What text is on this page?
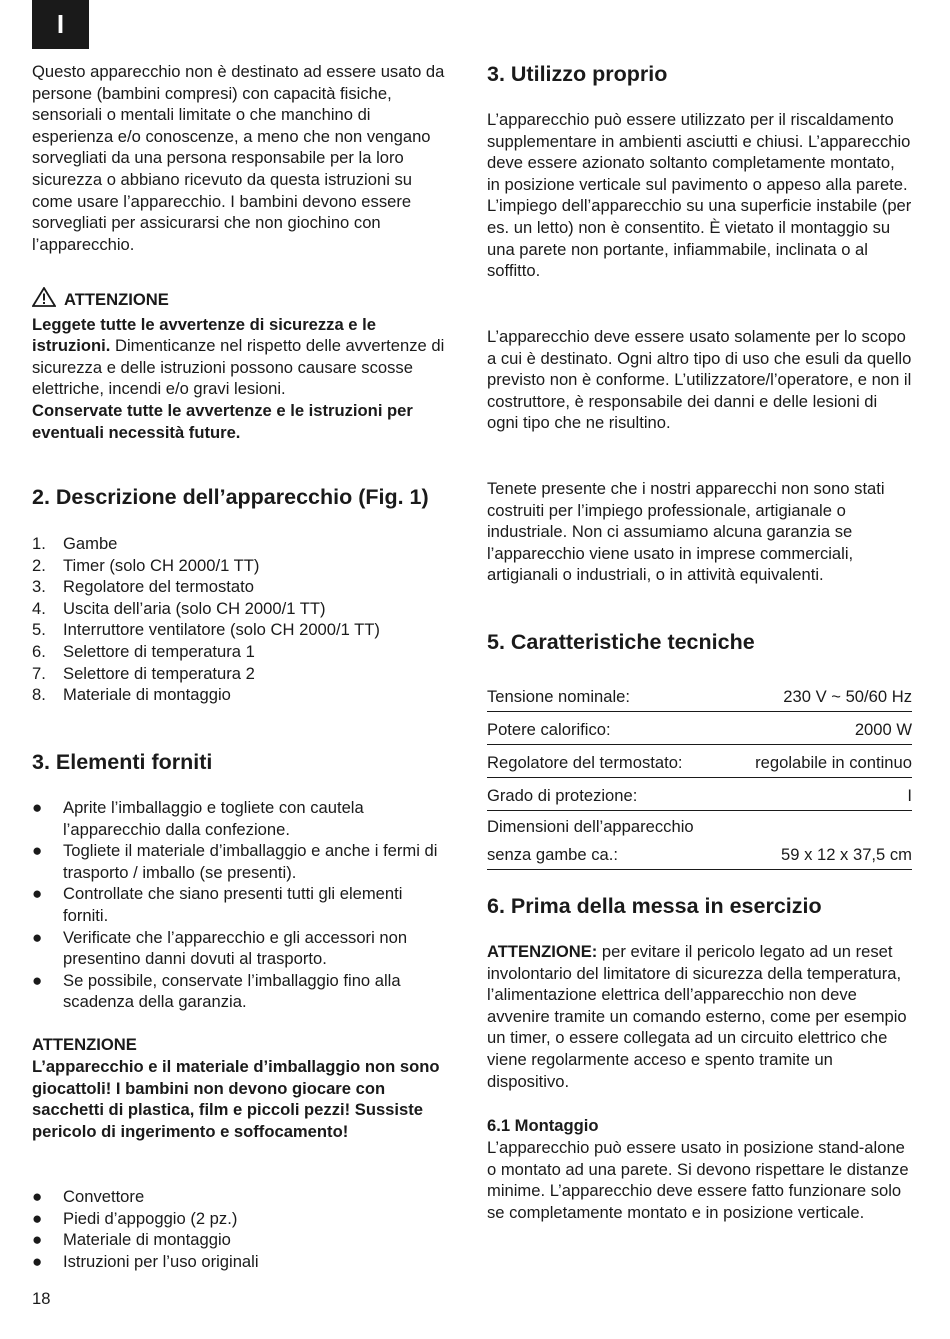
I

Questo apparecchio non è destinato ad essere usato da persone (bambini compresi) con capacità fisiche, sensoriali o mentali limitate o che manchino di esperienza e/o conoscenze, a meno che non vengano sorvegliati da una persona responsabile per la loro sicurezza o abbiano ricevuto da questa istruzioni su come usare l’apparecchio. I bambini devono essere sorvegliati per assicurarsi che non giochino con l’apparecchio.

ATTENZIONE
Leggete tutte le avvertenze di sicurezza e le istruzioni. Dimenticanze nel rispetto delle avvertenze di sicurezza e delle istruzioni possono causare scosse elettriche, incendi e/o gravi lesioni.
Conservate tutte le avvertenze e le istruzioni per eventuali necessità future.
2. Descrizione dell’apparecchio (Fig. 1)
1.	Gambe
2.	Timer (solo CH 2000/1 TT)
3.	Regolatore del termostato
4.	Uscita dell’aria (solo CH 2000/1 TT)
5.	Interruttore ventilatore (solo CH 2000/1 TT)
6.	Selettore di temperatura 1
7.	Selettore di temperatura 2
8.	Materiale di montaggio
3. Elementi forniti
●	Aprite l’imballaggio e togliete con cautela l’apparecchio dalla confezione.
●	Togliete il materiale d’imballaggio e anche i fermi di trasporto / imballo (se presenti).
●	Controllate che siano presenti tutti gli elementi forniti.
●	Verificate che l’apparecchio e gli accessori non presentino danni dovuti al trasporto.
●	Se possibile, conservate l’imballaggio fino alla scadenza della garanzia.
ATTENZIONE
L’apparecchio e il materiale d’imballaggio non sono giocattoli! I bambini non devono giocare con sacchetti di plastica, film e piccoli pezzi! Sussiste pericolo di ingerimento e soffocamento!
●	Convettore
●	Piedi d’appoggio (2 pz.)
●	Materiale di montaggio
●	Istruzioni per l’uso originali
3. Utilizzo proprio

L’apparecchio può essere utilizzato per il riscaldamento supplementare in ambienti asciutti e chiusi. L’apparecchio deve essere azionato soltanto completamente montato, in posizione verticale sul pavimento o appeso alla parete. L’impiego dell’apparecchio su una superficie instabile (per es. un letto) non è consentito. È vietato il montaggio su una parete non portante, infiammabile, inclinata o al soffitto.

L’apparecchio deve essere usato solamente per lo scopo a cui è destinato. Ogni altro tipo di uso che esuli da quello previsto non è conforme. L’utilizzatore/l’operatore, e non il costruttore, è responsabile dei danni e delle lesioni di ogni tipo che ne risultino.

Tenete presente che i nostri apparecchi non sono stati costruiti per l’impiego professionale, artigianale o industriale. Non ci assumiamo alcuna garanzia se l’apparecchio viene usato in imprese commerciali, artigianali o industriali, o in attività equivalenti.

5. Caratteristiche tecniche
Tensione nominale:	230 V ~ 50/60 Hz
Potere calorifico:	2000 W
Regolatore del termostato:	regolabile in continuo
Grado di protezione:	I

Dimensioni dell’apparecchio
senza gambe ca.:	59 x 12 x 37,5 cm
6. Prima della messa in esercizio

ATTENZIONE: per evitare il pericolo legato ad un reset involontario del limitatore di sicurezza della temperatura, l’alimentazione elettrica dell’apparecchio non deve avvenire tramite un comando esterno, come per esempio un timer, o essere collegata ad un circuito elettrico che viene regolarmente acceso e spento tramite un dispositivo.

6.1 Montaggio

L’apparecchio può essere usato in posizione stand-alone o montato ad una parete. Si devono rispettare le distanze minime. L’apparecchio deve essere fatto funzionare solo se completamente montato e in posizione verticale.

18
